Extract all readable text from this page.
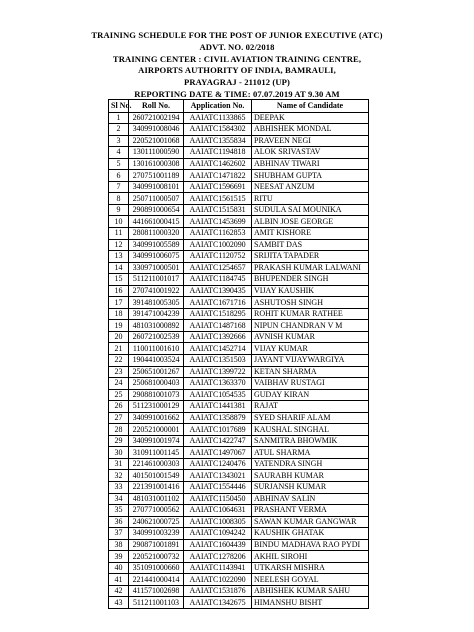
TRAINING SCHEDULE FOR THE POST OF JUNIOR EXECUTIVE (ATC)
ADVT. NO. 02/2018
TRAINING CENTER : CIVIL AVIATION TRAINING CENTRE,
AIRPORTS AUTHORITY OF INDIA, BAMRAULI,
PRAYAGRAJ - 211012 (UP)
REPORTING DATE & TIME: 07.07.2019 AT 9.30 AM
Sl No.	Roll No.	Application No.	Name of Candidate
1	260721002194	AAIATC1133865	DEEPAK
2	340991008046	AAIATC1584302	ABHISHEK MONDAL
3	220521001068	AAIATC1355834	PRAVEEN NEGI
4	130111000590	AAIATC1194818	ALOK SRIVASTAV
5	130161000308	AAIATC1462602	ABHINAV TIWARI
6	270751001189	AAIATC1471822	SHUBHAM GUPTA
7	340991008101	AAIATC1596691	NEESAT ANZUM
8	250711000507	AAIATC1561515	RITU
9	290891000654	AAIATC1515831	SUDULA SAI MOUNIKA
10	441661000415	AAIATC1453699	ALBIN JOSE GEORGE
11	280811000320	AAIATC1162853	AMIT KISHORE
12	340991005589	AAIATC1002090	SAMBIT DAS
13	340991006075	AAIATC1120752	SRIJITA TAPADER
14	330971000501	AAIATC1254657	PRAKASH KUMAR LALWANI
15	511211001017	AAIATC1184745	BHUPENDER SINGH
16	270741001922	AAIATC1390435	VIJAY KAUSHIK
17	391481005305	AAIATC1671716	ASHUTOSH SINGH
18	391471004239	AAIATC1518295	ROHIT KUMAR RATHEE
19	481031000892	AAIATC1487168	NIPUN CHANDRAN V M
20	260721002539	AAIATC1392666	AVNISH KUMAR
21	110011001610	AAIATC1452714	VIJAY KUMAR
22	190441003524	AAIATC1351503	JAYANT VIJAYWARGIYA
23	250651001267	AAIATC1399722	KETAN SHARMA
24	250681000403	AAIATC1363370	VAIBHAV RUSTAGI
25	290881001073	AAIATC1054535	GUDAY KIRAN
26	511231000129	AAIATC1441381	RAJAT
27	340991001662	AAIATC1358879	SYED SHARIF ALAM
28	220521000001	AAIATC1017689	KAUSHAL SINGHAL
29	340991001974	AAIATC1422747	SANMITRA BHOWMIK
30	310911001145	AAIATC1497067	ATUL SHARMA
31	221461000303	AAIATC1240476	YATENDRA SINGH
32	401501001549	AAIATC1343021	SAURABH KUMAR
33	221391001416	AAIATC1554446	SURJANSH KUMAR
34	481031001102	AAIATC1150450	ABHINAV SALIN
35	270771000562	AAIATC1064631	PRASHANT VERMA
36	240621000725	AAIATC1008305	SAWAN KUMAR GANGWAR
37	340991003239	AAIATC1094242	KAUSHIK GHATAK
38	290871001891	AAIATC1604439	BINDU MADHAVA RAO PYDI
39	220521000732	AAIATC1278206	AKHIL SIROHI
40	351091000660	AAIATC1143941	UTKARSH MISHRA
41	221441000414	AAIATC1022090	NEELESH GOYAL
42	411571002698	AAIATC1531876	ABHISHEK KUMAR SAHU
43	511211001103	AAIATC1342675	HIMANSHU BISHT
